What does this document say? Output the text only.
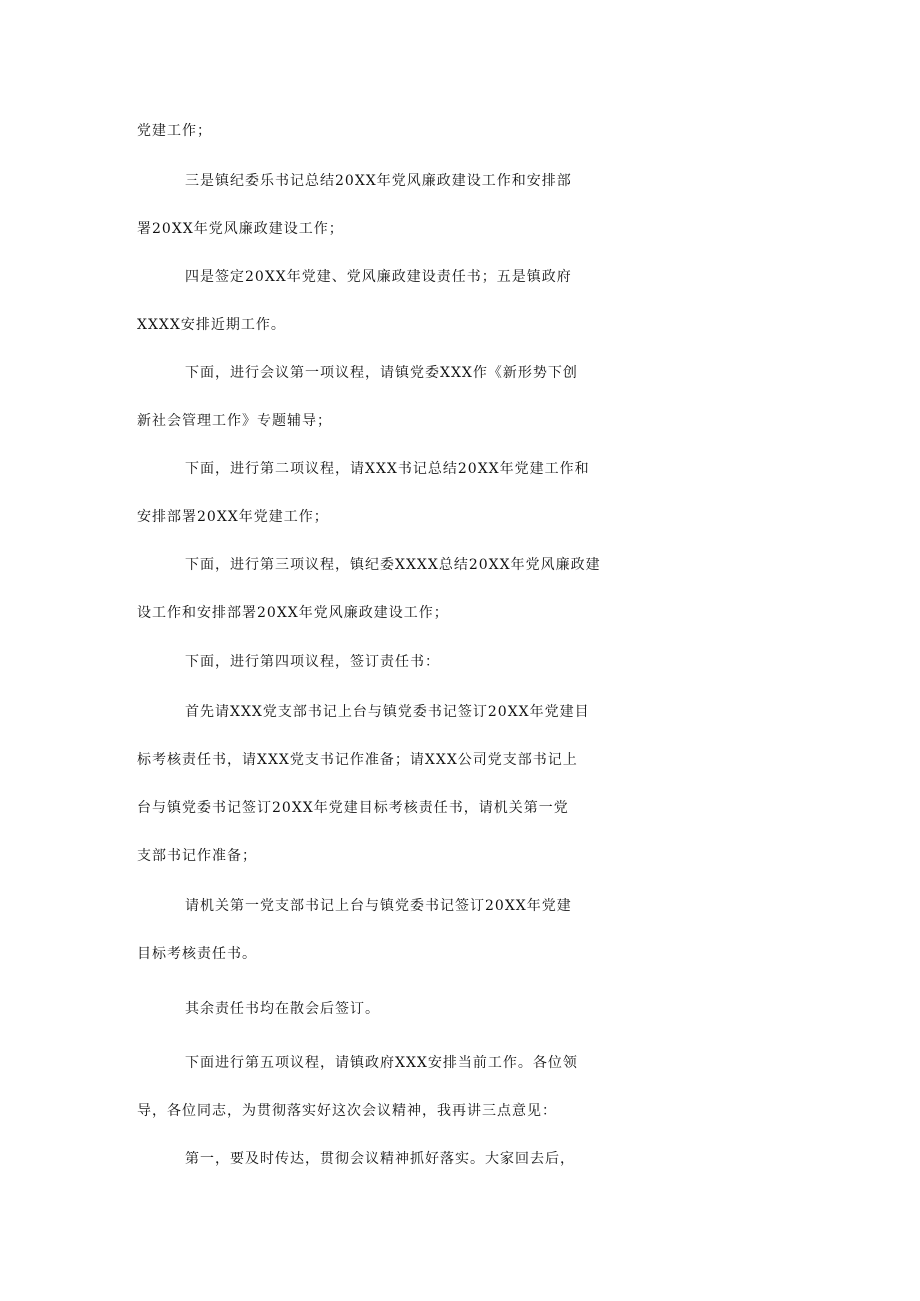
党建工作；
三是镇纪委乐书记总结20XX年党风廉政建设工作和安排部
署20XX年党风廉政建设工作；
四是签定20XX年党建、党风廉政建设责任书；五是镇政府
XXXX安排近期工作。
下面，进行会议第一项议程，请镇党委XXX作《新形势下创
新社会管理工作》专题辅导；
下面，进行第二项议程，请XXX书记总结20XX年党建工作和
安排部署20XX年党建工作；
下面，进行第三项议程，镇纪委XXXX总结20XX年党风廉政建
设工作和安排部署20XX年党风廉政建设工作；
下面，进行第四项议程，签订责任书：
首先请XXX党支部书记上台与镇党委书记签订20XX年党建目
标考核责任书，请XXX党支书记作准备；请XXX公司党支部书记上
台与镇党委书记签订20XX年党建目标考核责任书，请机关第一党
支部书记作准备；
请机关第一党支部书记上台与镇党委书记签订20XX年党建
目标考核责任书。
其余责任书均在散会后签订。
下面进行第五项议程，请镇政府XXX安排当前工作。各位领
导，各位同志，为贯彻落实好这次会议精神，我再讲三点意见：
第一，要及时传达，贯彻会议精神抓好落实。大家回去后，
